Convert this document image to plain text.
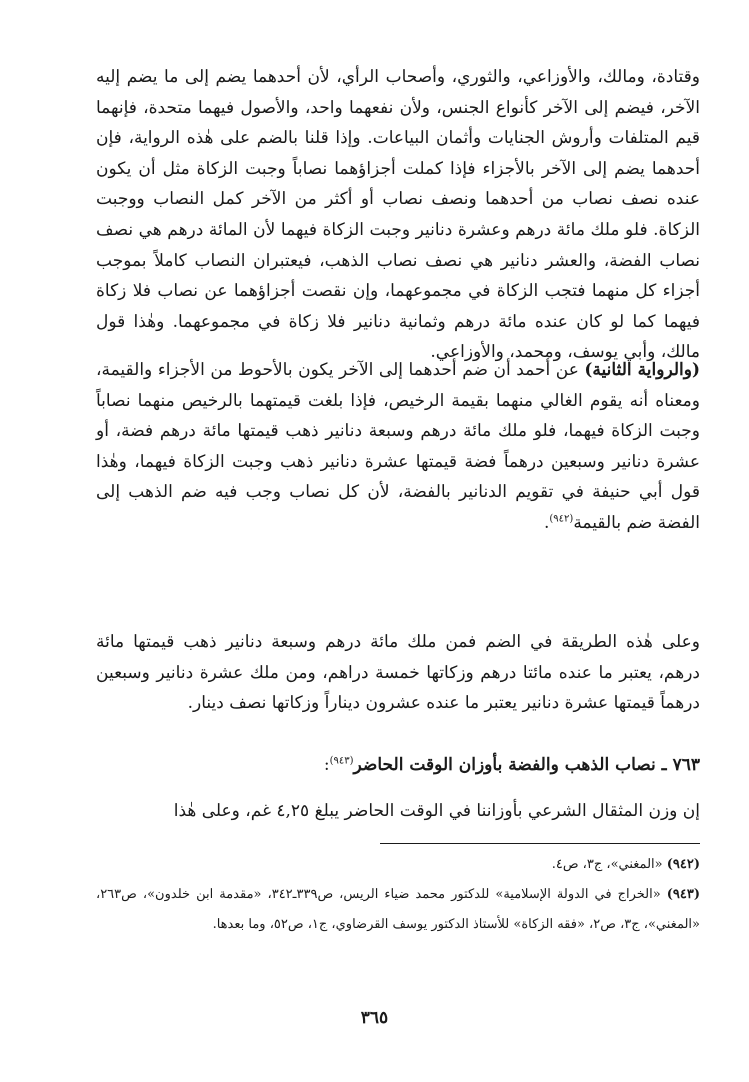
وقتادة، ومالك، والأوزاعي، والثوري، وأصحاب الرأي، لأن أحدهما يضم إلى ما يضم إليه الآخر، فيضم إلى الآخر كأنواع الجنس، ولأن نفعهما واحد، والأصول فيهما متحدة، فإنهما قيم المتلفات وأروش الجنايات وأثمان البياعات. وإذا قلنا بالضم على هٰذه الرواية، فإن أحدهما يضم إلى الآخر بالأجزاء فإذا كملت أجزاؤهما نصاباً وجبت الزكاة مثل أن يكون عنده نصف نصاب من أحدهما ونصف نصاب أو أكثر من الآخر كمل النصاب ووجبت الزكاة. فلو ملك مائة درهم وعشرة دنانير وجبت الزكاة فيهما لأن المائة درهم هي نصف نصاب الفضة، والعشر دنانير هي نصف نصاب الذهب، فيعتبران النصاب كاملاً بموجب أجزاء كل منهما فتجب الزكاة في مجموعهما، وإن نقصت أجزاؤهما عن نصاب فلا زكاة فيهما كما لو كان عنده مائة درهم وثمانية دنانير فلا زكاة في مجموعهما. وهٰذا قول مالك، وأبي يوسف، ومحمد، والأوزاعي.
(والرواية الثانية) عن أحمد أن ضم أحدهما إلى الآخر يكون بالأحوط من الأجزاء والقيمة، ومعناه أنه يقوم الغالي منهما بقيمة الرخيص، فإذا بلغت قيمتهما بالرخيص منهما نصاباً وجبت الزكاة فيهما، فلو ملك مائة درهم وسبعة دنانير ذهب قيمتها مائة درهم فضة، أو عشرة دنانير وسبعين درهماً فضة قيمتها عشرة دنانير ذهب وجبت الزكاة فيهما، وهٰذا قول أبي حنيفة في تقويم الدنانير بالفضة، لأن كل نصاب وجب فيه ضم الذهب إلى الفضة ضم بالقيمة$^{(٩٤٢)}$.
وعلى هٰذه الطريقة في الضم فمن ملك مائة درهم وسبعة دنانير ذهب قيمتها مائة درهم، يعتبر ما عنده مائتا درهم وزكاتها خمسة دراهم، ومن ملك عشرة دنانير وسبعين درهماً قيمتها عشرة دنانير يعتبر ما عنده عشرون ديناراً وزكاتها نصف دينار.
٧٦٣ ـ نصاب الذهب والفضة بأوزان الوقت الحاضر$^{(٩٤٣)}$:
إن وزن المثقال الشرعي بأوزاننا في الوقت الحاضر يبلغ ٤,٢٥ غم، وعلى هٰذا

(٩٤٢) «المغني»، ج٣، ص٤.

(٩٤٣) «الخراج في الدولة الإسلامية» للدكتور محمد ضياء الريس، ص٣٣٩ـ٣٤٢، «مقدمة ابن خلدون»، ص٢٦٣، «المغني»، ج٣، ص٢، «فقه الزكاة» للأستاذ الدكتور يوسف القرضاوي، ج١، ص٥٢، وما بعدها.

٣٦٥
